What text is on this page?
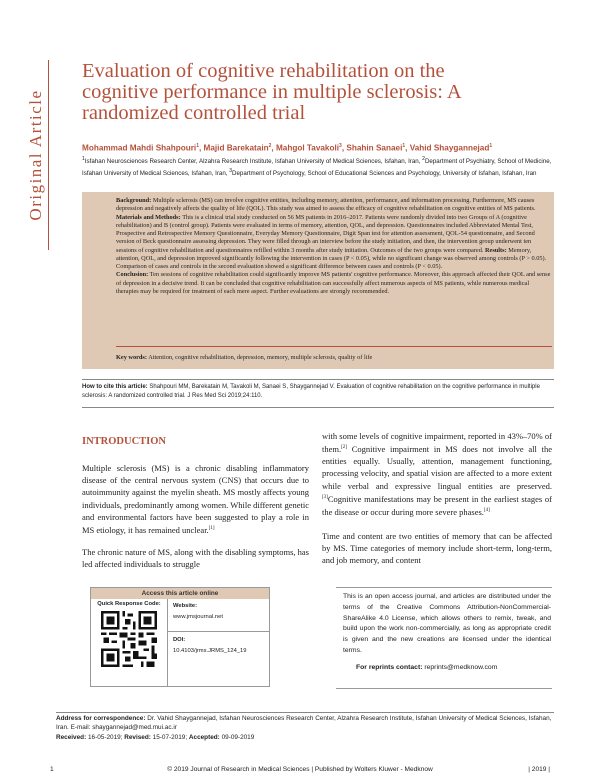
Original Article
Evaluation of cognitive rehabilitation on the cognitive performance in multiple sclerosis: A randomized controlled trial
Mohammad Mahdi Shahpouri$^1$, Majid Barekatain$^2$, Mahgol Tavakoli$^3$, Shahin Sanaei$^1$, Vahid Shaygannejad$^1$
$^1$Isfahan Neurosciences Research Center, Alzahra Research Institute, Isfahan University of Medical Sciences, Isfahan, Iran, $^2$Department of Psychiatry, School of Medicine, Isfahan University of Medical Sciences, Isfahan, Iran, $^3$Department of Psychology, School of Educational Sciences and Psychology, University of Isfahan, Isfahan, Iran
Background: Multiple sclerosis (MS) can involve cognitive entities, including memory, attention, performance, and information processing. Furthermore, MS causes depression and negatively affects the quality of life (QOL). This study was aimed to assess the efficacy of cognitive rehabilitation on cognitive entities of MS patients. Materials and Methods: This is a clinical trial study conducted on 56 MS patients in 2016–2017. Patients were randomly divided into two Groups of A (cognitive rehabilitation) and B (control group). Patients were evaluated in terms of memory, attention, QOL, and depression. Questionnaires included Abbreviated Mental Test, Prospective and Retrospective Memory Questionnaire, Everyday Memory Questionnaire, Digit Span test for attention assessment, QOL-54 questionnaire, and Second version of Beck questionnaire assessing depression. They were filled through an interview before the study initiation, and then, the intervention group underwent ten sessions of cognitive rehabilitation and questionnaires refilled within 3 months after study initiation. Outcomes of the two groups were compared. Results: Memory, attention, QOL, and depression improved significantly following the intervention in cases (P < 0.05), while no significant change was observed among controls (P > 0.05). Comparison of cases and controls in the second evaluation showed a significant difference between cases and controls (P < 0.05).
Conclusion: Ten sessions of cognitive rehabilitation could significantly improve MS patients' cognitive performance. Moreover, this approach affected their QOL and sense of depression in a decisive trend. It can be concluded that cognitive rehabilitation can successfully affect numerous aspects of MS patients, while numerous medical therapies may be required for treatment of each mere aspect. Further evaluations are strongly recommended.
Key words: Attention, cognitive rehabilitation, depression, memory, multiple sclerosis, quality of life
How to cite this article: Shahpouri MM, Barekatain M, Tavakoli M, Sanaei S, Shaygannejad V. Evaluation of cognitive rehabilitation on the cognitive performance in multiple sclerosis: A randomized controlled trial. J Res Med Sci 2019;24:110.
INTRODUCTION

Multiple sclerosis (MS) is a chronic disabling inflammatory disease of the central nervous system (CNS) that occurs due to autoimmunity against the myelin sheath. MS mostly affects young individuals, predominantly among women. While different genetic and environmental factors have been suggested to play a role in MS etiology, it has remained unclear.[1]

The chronic nature of MS, along with the disabling symptoms, has led affected individuals to struggle

with some levels of cognitive impairment, reported in 43%–70% of them.[2] Cognitive impairment in MS does not involve all the entities equally. Usually, attention, management functioning, processing velocity, and spatial vision are affected to a more extent while verbal and expressive lingual entities are preserved.[3]Cognitive manifestations may be present in the earliest stages of the disease or occur during more severe phases.[4]

Time and content are two entities of memory that can be affected by MS. Time categories of memory include short-term, long-term, and job memory, and content

Access this article online
Quick Response Code:	Website:
www.jmsjournal.net
DOI:
10.4103/jrms.JRMS_124_19
This is an open access journal, and articles are distributed under the terms of the Creative Commons Attribution-NonCommercial-ShareAlike 4.0 License, which allows others to remix, tweak, and build upon the work non-commercially, as long as appropriate credit is given and the new creations are licensed under the identical terms.
For reprints contact: reprints@medknow.com
Address for correspondence: Dr. Vahid Shaygannejad, Isfahan Neurosciences Research Center, Alzahra Research Institute, Isfahan University of Medical Sciences, Isfahan, Iran. E-mail: shaygannejad@med.mui.ac.ir
Received: 16-05-2019; Revised: 15-07-2019; Accepted: 09-09-2019
1	© 2019 Journal of Research in Medical Sciences | Published by Wolters Kluwer - Medknow	| 2019 |
